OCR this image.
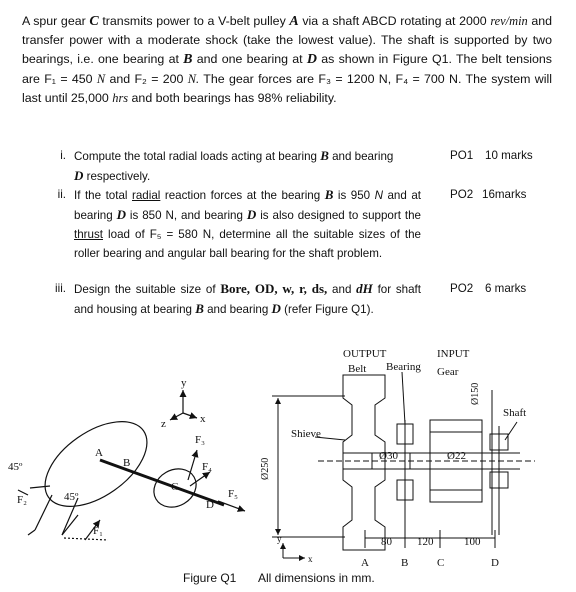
A spur gear C transmits power to a V-belt pulley A via a shaft ABCD rotating at 2000 rev/min and transfer power with a moderate shock (take the lowest value). The shaft is supported by two bearings, i.e. one bearing at B and one bearing at D as shown in Figure Q1. The belt tensions are F₁ = 450 N and F₂ = 200 N. The gear forces are F₃ = 1200 N, F₄ = 700 N. The system will last until 25,000 hrs and both bearings has 98% reliability.
i. Compute the total radial loads acting at bearing B and bearing
D respectively.
PO1 10 marks
ii. If the total radial reaction forces at the bearing B is 950 N and at bearing D is 850 N, and bearing D is also designed to support the thrust load of F₅ = 580 N, determine all the suitable sizes of the roller bearing and angular ball bearing for the shaft problem.
PO2 16marks
iii. Design the suitable size of Bore, OD, w, r, ds, and dH for shaft and housing at bearing B and bearing D (refer Figure Q1).
PO2 6 marks
y
x
z
A
B
C
D
F₃
F₄
F₅
F₁
F₂
45º
45º
OUTPUT	INPUT
Belt Bearing Gear
Shieve
Shaft
Ø30	Ø22
80 120	100
A	B	C	D
y
x
Ø250
Ø150
Figure Q1 All dimensions in mm.
